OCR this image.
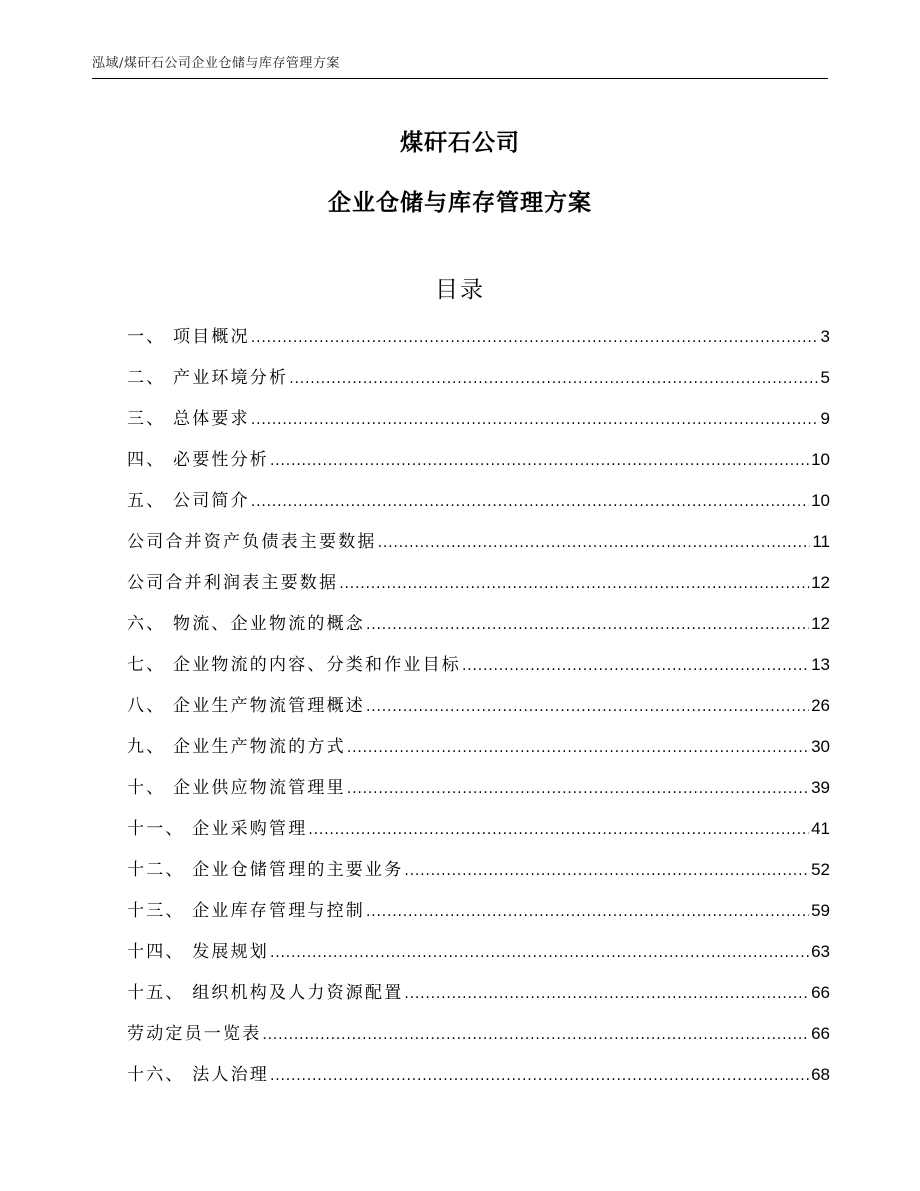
泓域/煤矸石公司企业仓储与库存管理方案
煤矸石公司
企业仓储与库存管理方案
目录
一、 项目概况 .....	3
二、 产业环境分析 .....	5
三、 总体要求 .....	9
四、 必要性分析 .....	10
五、 公司简介 .....	10
公司合并资产负债表主要数据 .....	11
公司合并利润表主要数据 .....	12
六、 物流、企业物流的概念 .....	12
七、 企业物流的内容、分类和作业目标 .....	13
八、 企业生产物流管理概述 .....	26
九、 企业生产物流的方式 .....	30
十、 企业供应物流管理里 .....	39
十一、 企业采购管理 .....	41
十二、 企业仓储管理的主要业务 .....	52
十三、 企业库存管理与控制 .....	59
十四、 发展规划 .....	63
十五、 组织机构及人力资源配置 .....	66
劳动定员一览表 .....	66
十六、 法人治理 .....	68
